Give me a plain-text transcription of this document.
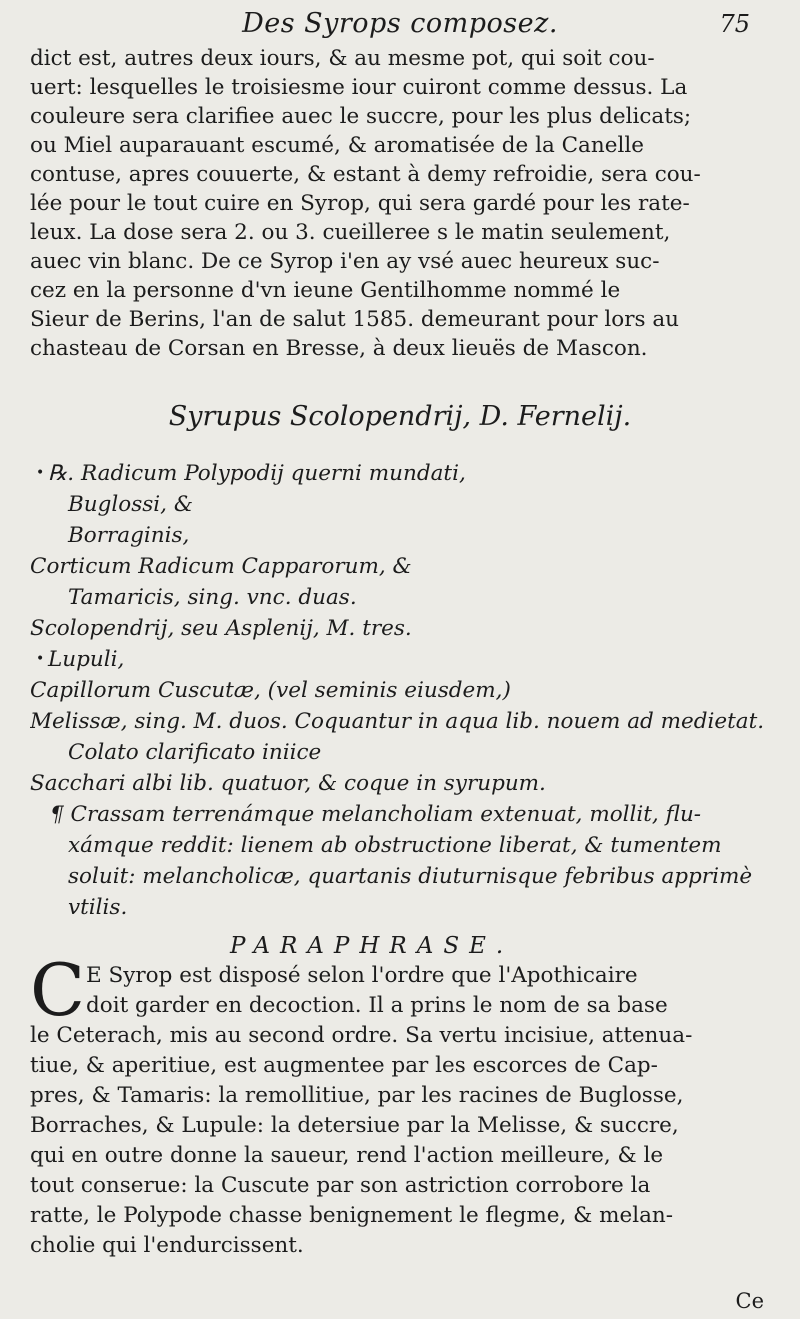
Des Syrops composez.	75

dict est, autres deux iours, & au mesme pot, qui soit cou-
uert: lesquelles le troisiesme iour cuiront comme dessus. La
couleure sera clarifiee auec le succre, pour les plus delicats;
ou Miel auparauant escumé, & aromatisée de la Canelle
contuse, apres couuerte, & estant à demy refroidie, sera cou-
lée pour le tout cuire en Syrop, qui sera gardé pour les rate-
leux. La dose sera 2. ou 3. cueilleree s le matin seulement,
auec vin blanc. De ce Syrop i'en ay vsé auec heureux suc-
cez en la personne d'vn ieune Gentilhomme nommé le
Sieur de Berins, l'an de salut 1585. demeurant pour lors au
chasteau de Corsan en Bresse, à deux lieuës de Mascon.

Syrupus Scolopendrij, D. Fernelij.
• ℞. Radicum Polypodij querni mundati,
Buglossi, &
Borraginis,
Corticum Radicum Capparorum, &
Tamaricis, sing. vnc. duas.
Scolopendrij, seu Asplenij, M. tres.
• Lupuli,
Capillorum Cuscutæ, (vel seminis eiusdem,)
Melissæ, sing. M. duos. Coquantur in aqua lib. nouem ad medietat.
Colato clarificato iniice
Sacchari albi lib. quatuor, & coque in syrupum.
¶ Crassam terrenámque melancholiam extenuat, mollit, flu-
xámque reddit: lienem ab obstructione liberat, & tumentem
soluit: melancholicæ, quartanis diuturnisque febribus apprimè
vtilis.
PARAPHRASE.
C E Syrop est disposé selon l'ordre que l'Apothicaire
doit garder en decoction. Il a prins le nom de sa base
le Ceterach, mis au second ordre. Sa vertu incisiue, attenua-
tiue, & aperitiue, est augmentee par les escorces de Cap-
pres, & Tamaris: la remollitiue, par les racines de Buglosse,
Borraches, & Lupule: la detersiue par la Melisse, & succre,
qui en outre donne la saueur, rend l'action meilleure, & le
tout conserue: la Cuscute par son astriction corrobore la
ratte, le Polypode chasse benignement le flegme, & melan-
cholie qui l'endurcissent.
Ce
